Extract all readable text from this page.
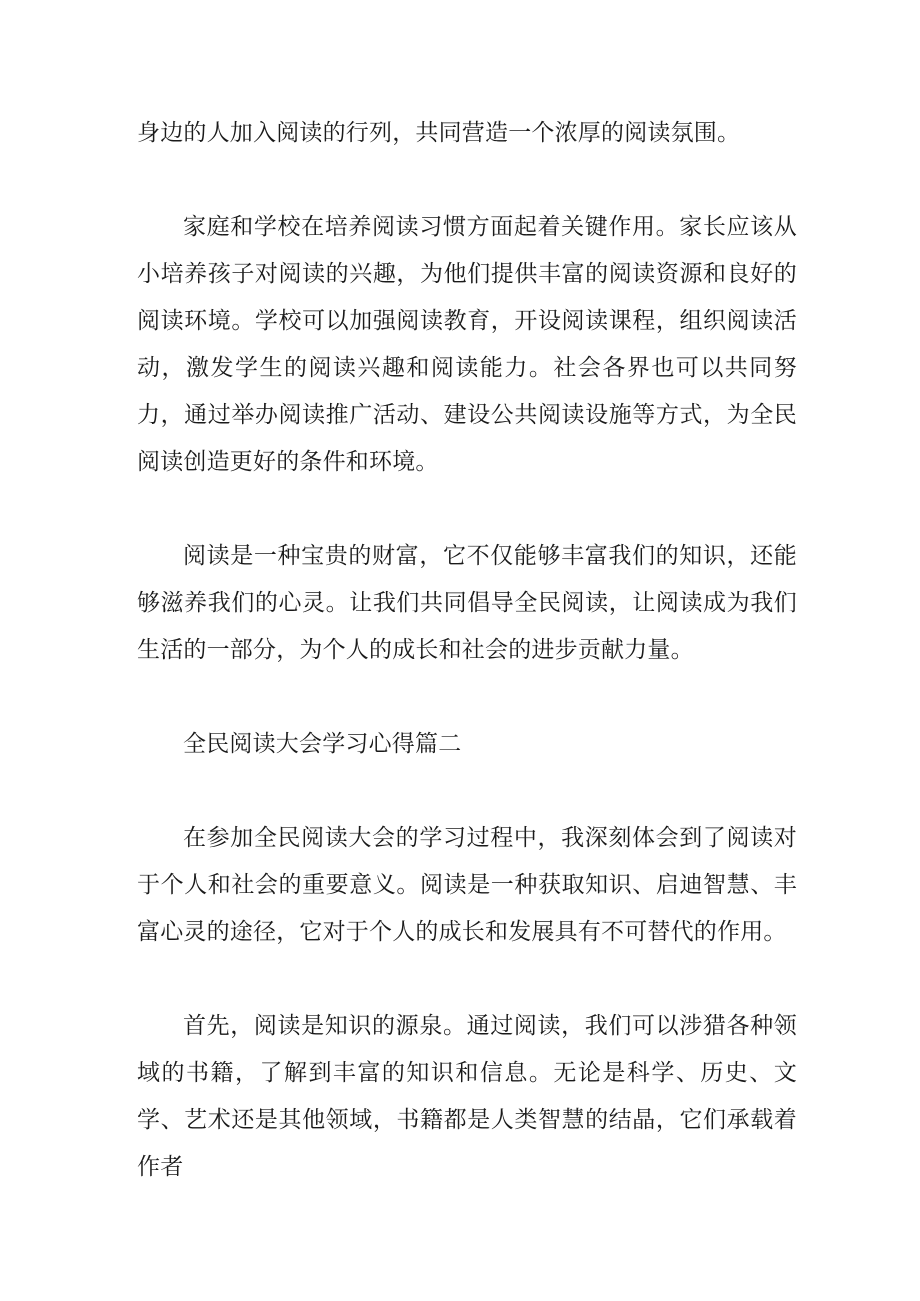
身边的人加入阅读的行列，共同营造一个浓厚的阅读氛围。

家庭和学校在培养阅读习惯方面起着关键作用。家长应该从小培养孩子对阅读的兴趣，为他们提供丰富的阅读资源和良好的阅读环境。学校可以加强阅读教育，开设阅读课程，组织阅读活动，激发学生的阅读兴趣和阅读能力。社会各界也可以共同努力，通过举办阅读推广活动、建设公共阅读设施等方式，为全民阅读创造更好的条件和环境。

阅读是一种宝贵的财富，它不仅能够丰富我们的知识，还能够滋养我们的心灵。让我们共同倡导全民阅读，让阅读成为我们生活的一部分，为个人的成长和社会的进步贡献力量。

全民阅读大会学习心得篇二

在参加全民阅读大会的学习过程中，我深刻体会到了阅读对于个人和社会的重要意义。阅读是一种获取知识、启迪智慧、丰富心灵的途径，它对于个人的成长和发展具有不可替代的作用。

首先，阅读是知识的源泉。通过阅读，我们可以涉猎各种领域的书籍，了解到丰富的知识和信息。无论是科学、历史、文学、艺术还是其他领域，书籍都是人类智慧的结晶，它们承载着作者
